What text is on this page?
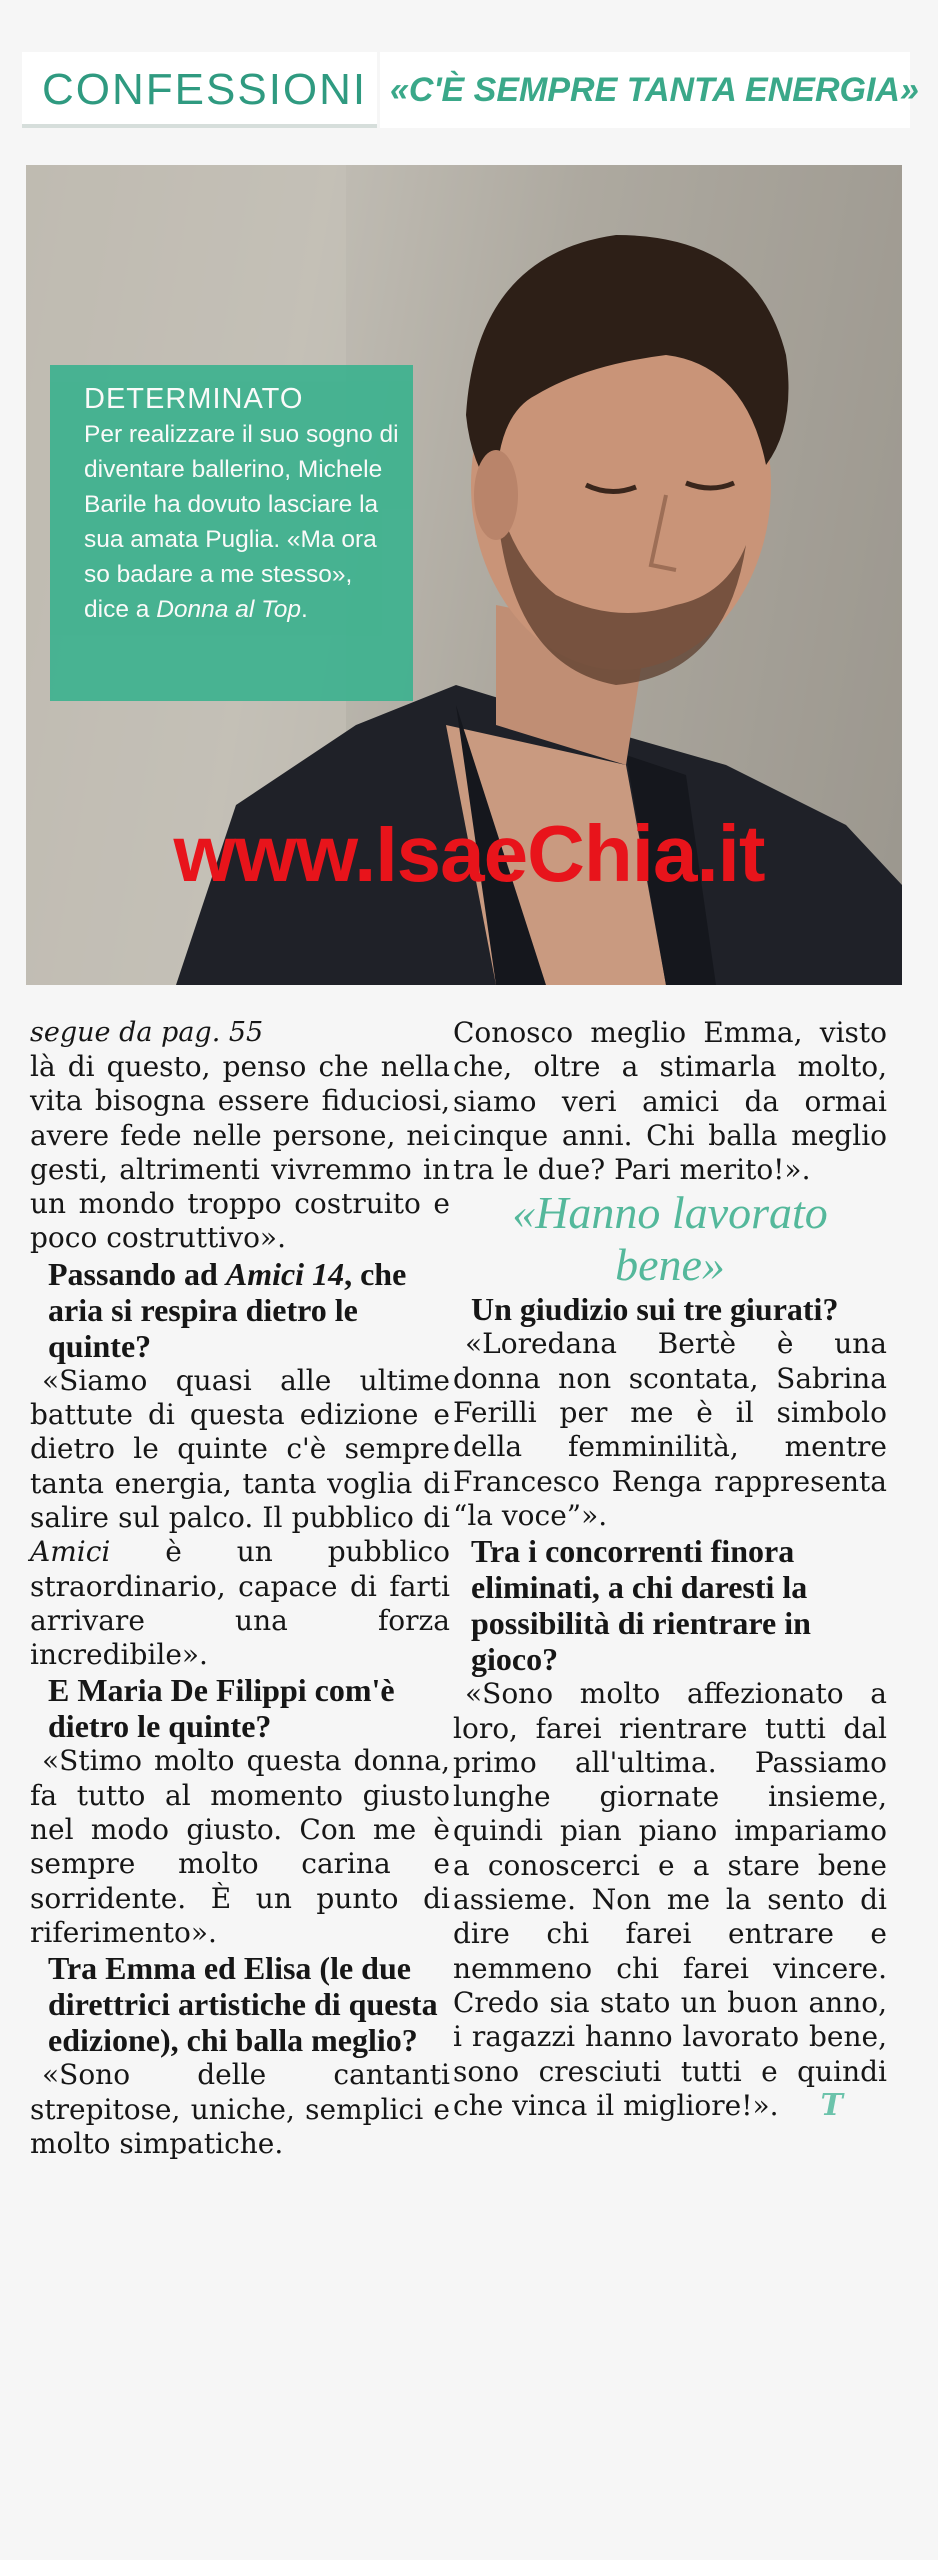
CONFESSIONI «C'È SEMPRE TANTA ENERGIA»
DETERMINATO
Per realizzare il suo sogno di diventare ballerino, Michele Barile ha dovuto lasciare la sua amata Puglia. «Ma ora so badare a me stesso», dice a Donna al Top.
www.IsaeChia.it

segue da pag. 55

là di questo, penso che nella vita bisogna essere fiduciosi, avere fede nelle persone, nei gesti, altrimenti vivremmo in un mondo troppo costruito e poco costruttivo».

Passando ad Amici 14, che aria si respira dietro le quinte?

«Siamo quasi alle ultime battute di questa edizione e dietro le quinte c'è sempre tanta energia, tanta voglia di salire sul palco. Il pubblico di Amici è un pubblico straordinario, capace di farti arrivare una forza incredibile».

E Maria De Filippi com'è dietro le quinte?

«Stimo molto questa donna, fa tutto al momento giusto nel modo giusto. Con me è sempre molto carina e sorridente. È un punto di riferimento».

Tra Emma ed Elisa (le due direttrici artistiche di questa edizione), chi balla meglio?

«Sono delle cantanti strepitose, uniche, semplici e molto simpatiche.

Conosco meglio Emma, visto che, oltre a stimarla molto, siamo veri amici da ormai cinque anni. Chi balla meglio tra le due? Pari merito!».

«Hanno lavorato bene»

Un giudizio sui tre giurati?

«Loredana Bertè è una donna non scontata, Sabrina Ferilli per me è il simbolo della femminilità, mentre Francesco Renga rappresenta “la voce”».

Tra i concorrenti finora eliminati, a chi daresti la possibilità di rientrare in gioco?

«Sono molto affezionato a loro, farei rientrare tutti dal primo all'ultima. Passiamo lunghe giornate insieme, quindi pian piano impariamo a conoscerci e a stare bene assieme. Non me la sento di dire chi farei entrare e nemmeno chi farei vincere. Credo sia stato un buon anno, i ragazzi hanno lavorato bene, sono cresciuti tutti e quindi che vinca il migliore!». T
